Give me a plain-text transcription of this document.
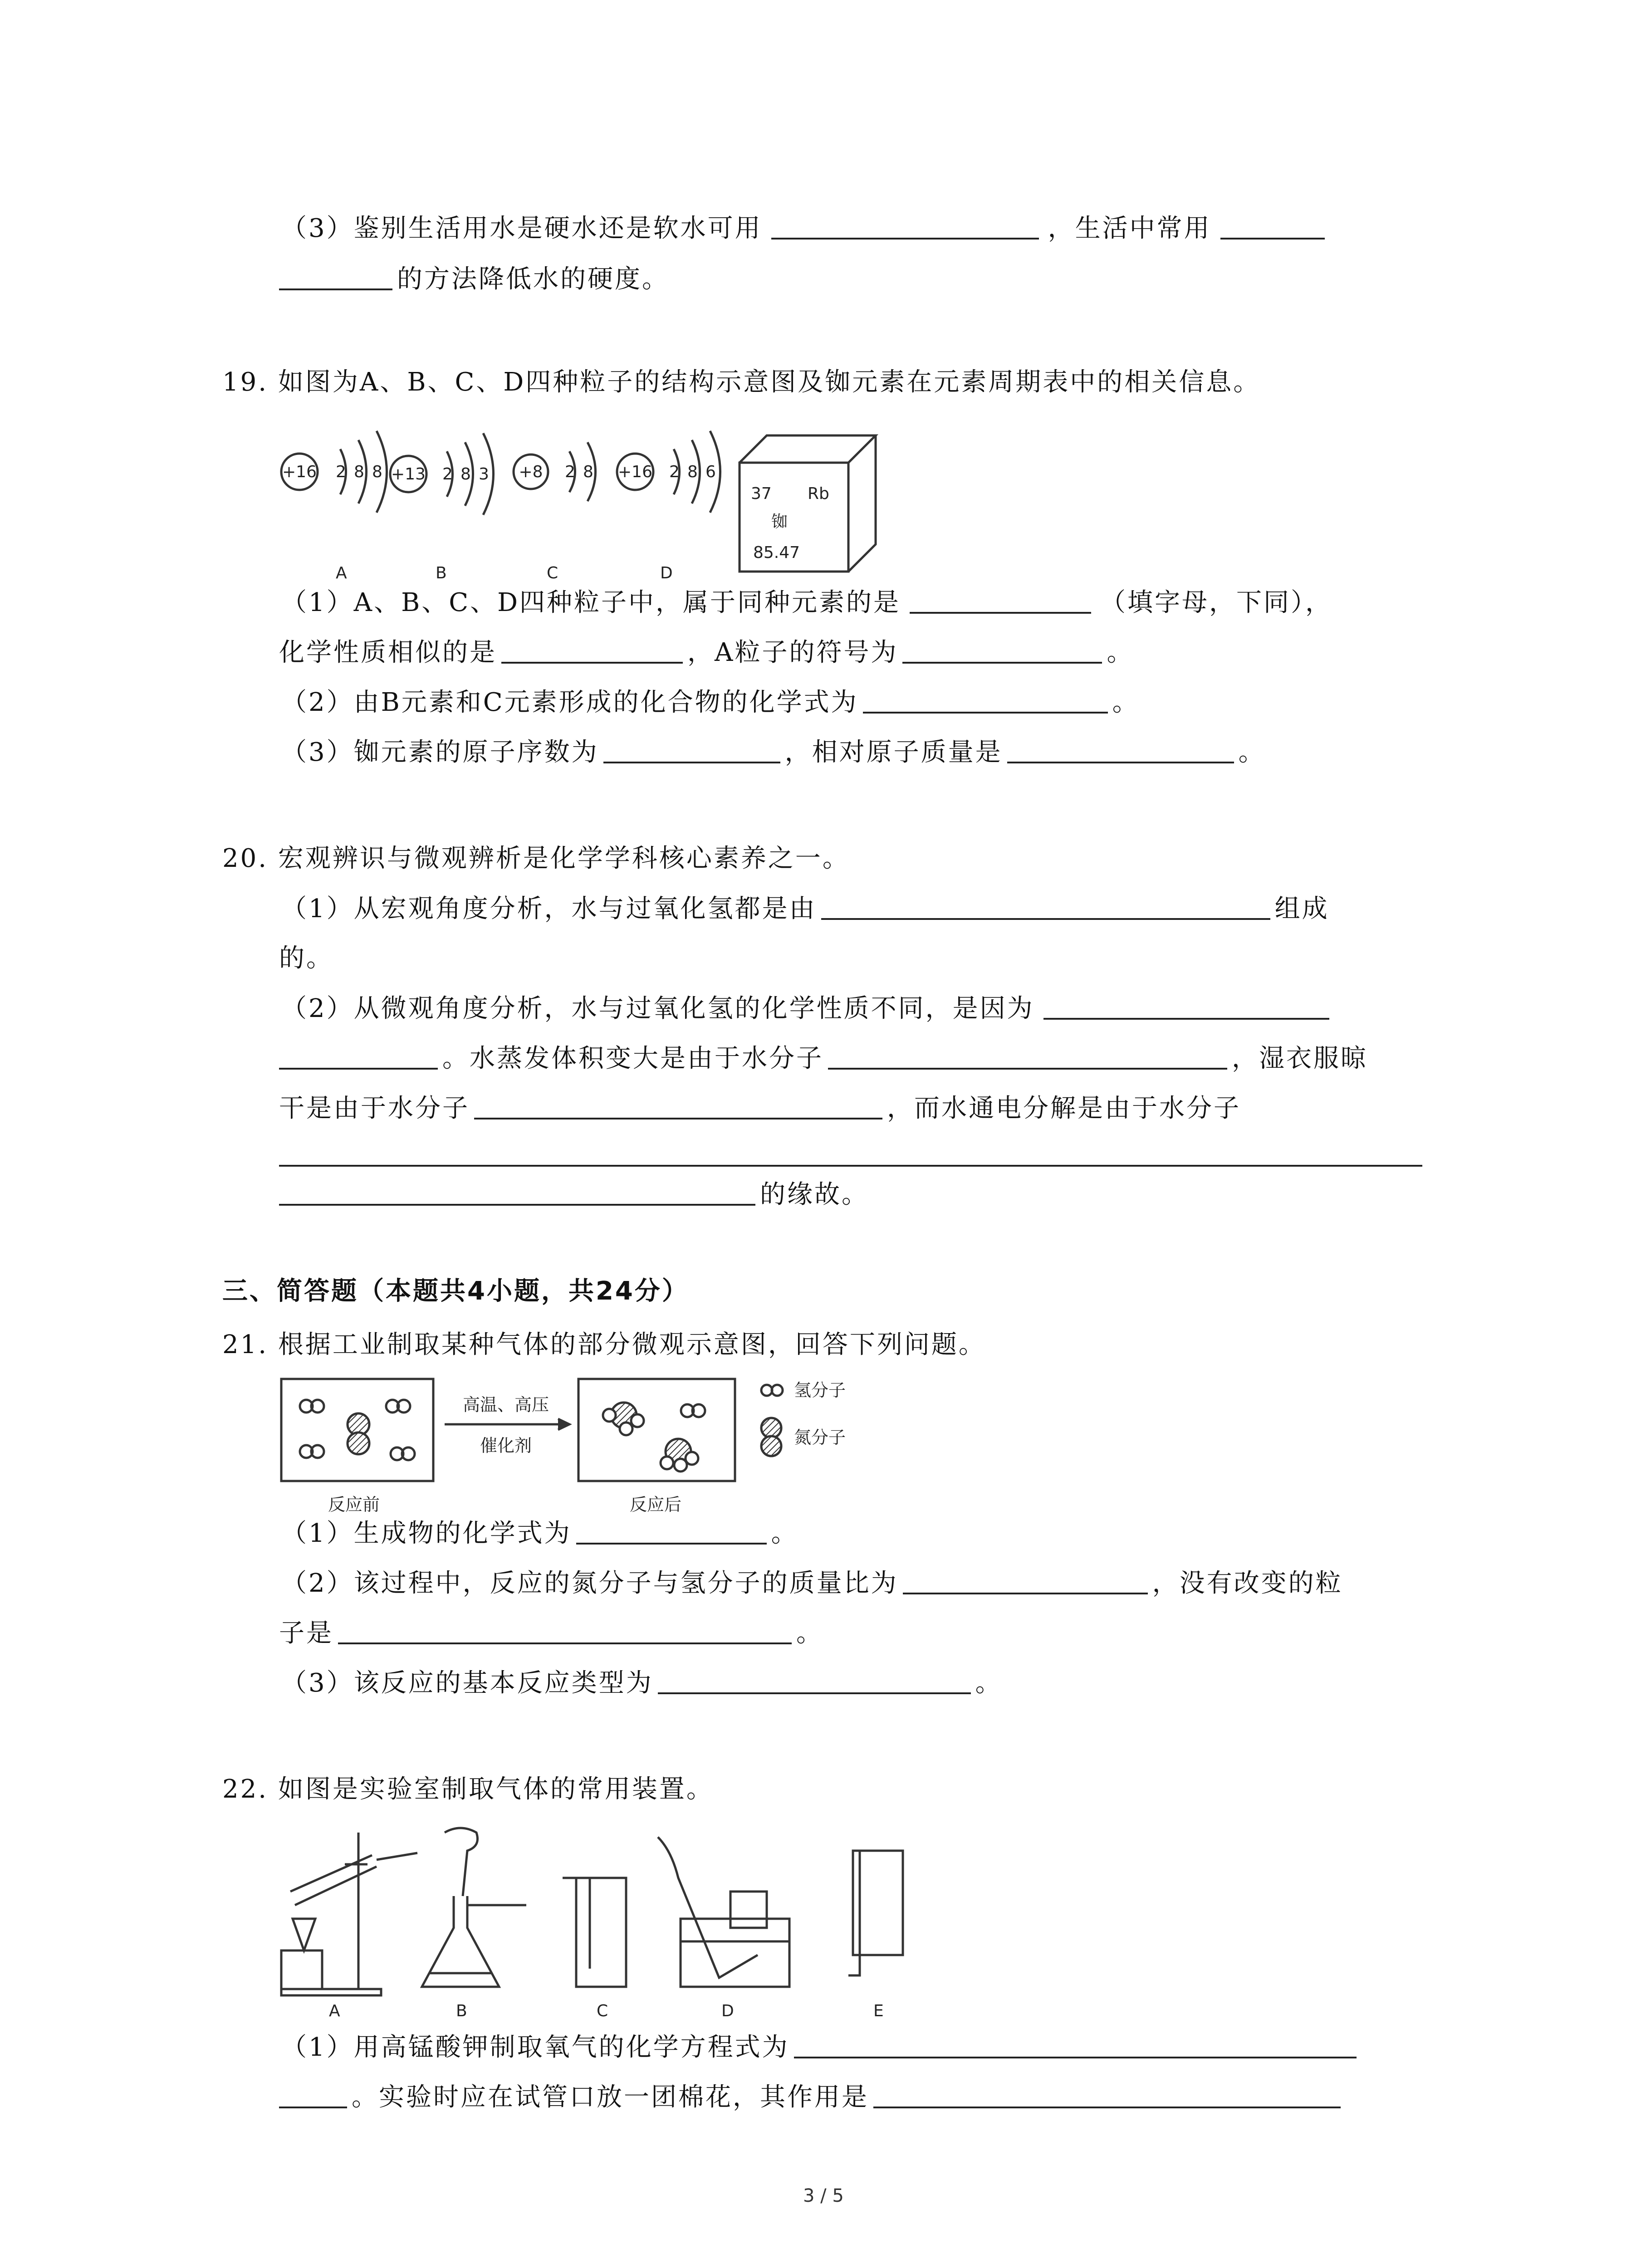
（3）鉴别生活用水是硬水还是软水可用	，生活中常用
的方法降低水的硬度。
19. 如图为A、B、C、D四种粒子的结构示意图及铷元素在元素周期表中的相关信息。
+16 2 8 8 +13 2 8 3 +8 2 8 +16 2 8 6
A	B	C	D
37 Rb
铷
85.47
（1）A、B、C、D四种粒子中，属于同种元素的是	（填字母，下同），
化学性质相似的是	，A粒子的符号为	。
（2）由B元素和C元素形成的化合物的化学式为	。
（3）铷元素的原子序数为	，相对原子质量是	。
20. 宏观辨识与微观辨析是化学学科核心素养之一。
（1）从宏观角度分析，水与过氧化氢都是由	组成
的。
（2）从微观角度分析，水与过氧化氢的化学性质不同，是因为
。水蒸发体积变大是由于水分子	，湿衣服晾
干是由于水分子	，而水通电分解是由于水分子
的缘故。
三、简答题（本题共4小题，共24分）
21. 根据工业制取某种气体的部分微观示意图，回答下列问题。
高温、高压
催化剂
反应前	反应后
氢分子
氮分子
（1）生成物的化学式为	。
（2）该过程中，反应的氮分子与氢分子的质量比为	，没有改变的粒
子是	。
（3）该反应的基本反应类型为	。
22. 如图是实验室制取气体的常用装置。
A	B	C	D	E
（1）用高锰酸钾制取氧气的化学方程式为
。实验时应在试管口放一团棉花，其作用是
3 / 5
